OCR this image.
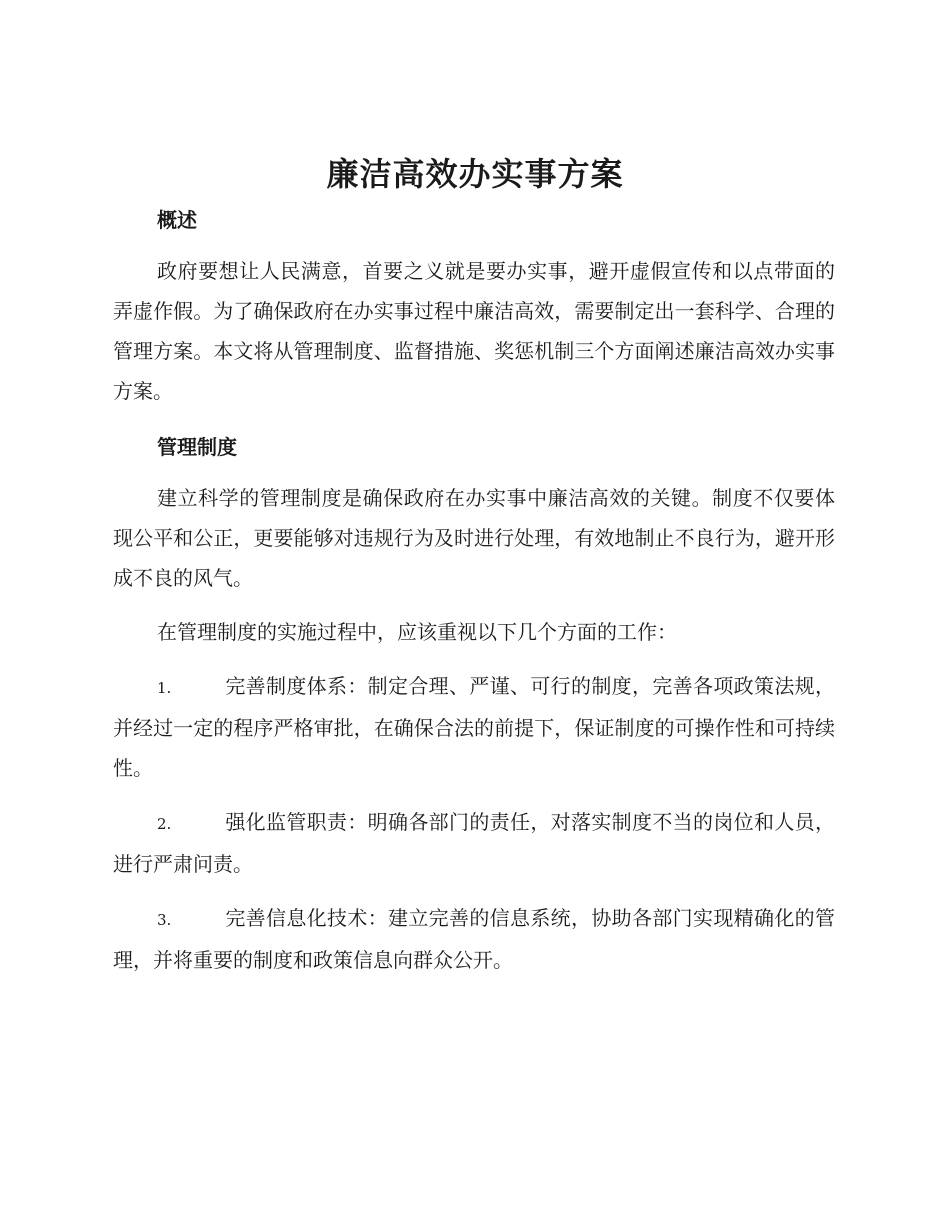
廉洁高效办实事方案
概述

政府要想让人民满意，首要之义就是要办实事，避开虚假宣传和以点带面的弄虚作假。为了确保政府在办实事过程中廉洁高效，需要制定出一套科学、合理的管理方案。本文将从管理制度、监督措施、奖惩机制三个方面阐述廉洁高效办实事方案。

管理制度

建立科学的管理制度是确保政府在办实事中廉洁高效的关键。制度不仅要体现公平和公正，更要能够对违规行为及时进行处理，有效地制止不良行为，避开形成不良的风气。

在管理制度的实施过程中，应该重视以下几个方面的工作：

1.	完善制度体系：制定合理、严谨、可行的制度，完善各项政策法规，并经过一定的程序严格审批，在确保合法的前提下，保证制度的可操作性和可持续性。

2.	强化监管职责：明确各部门的责任，对落实制度不当的岗位和人员，进行严肃问责。

3.	完善信息化技术：建立完善的信息系统，协助各部门实现精确化的管理，并将重要的制度和政策信息向群众公开。
